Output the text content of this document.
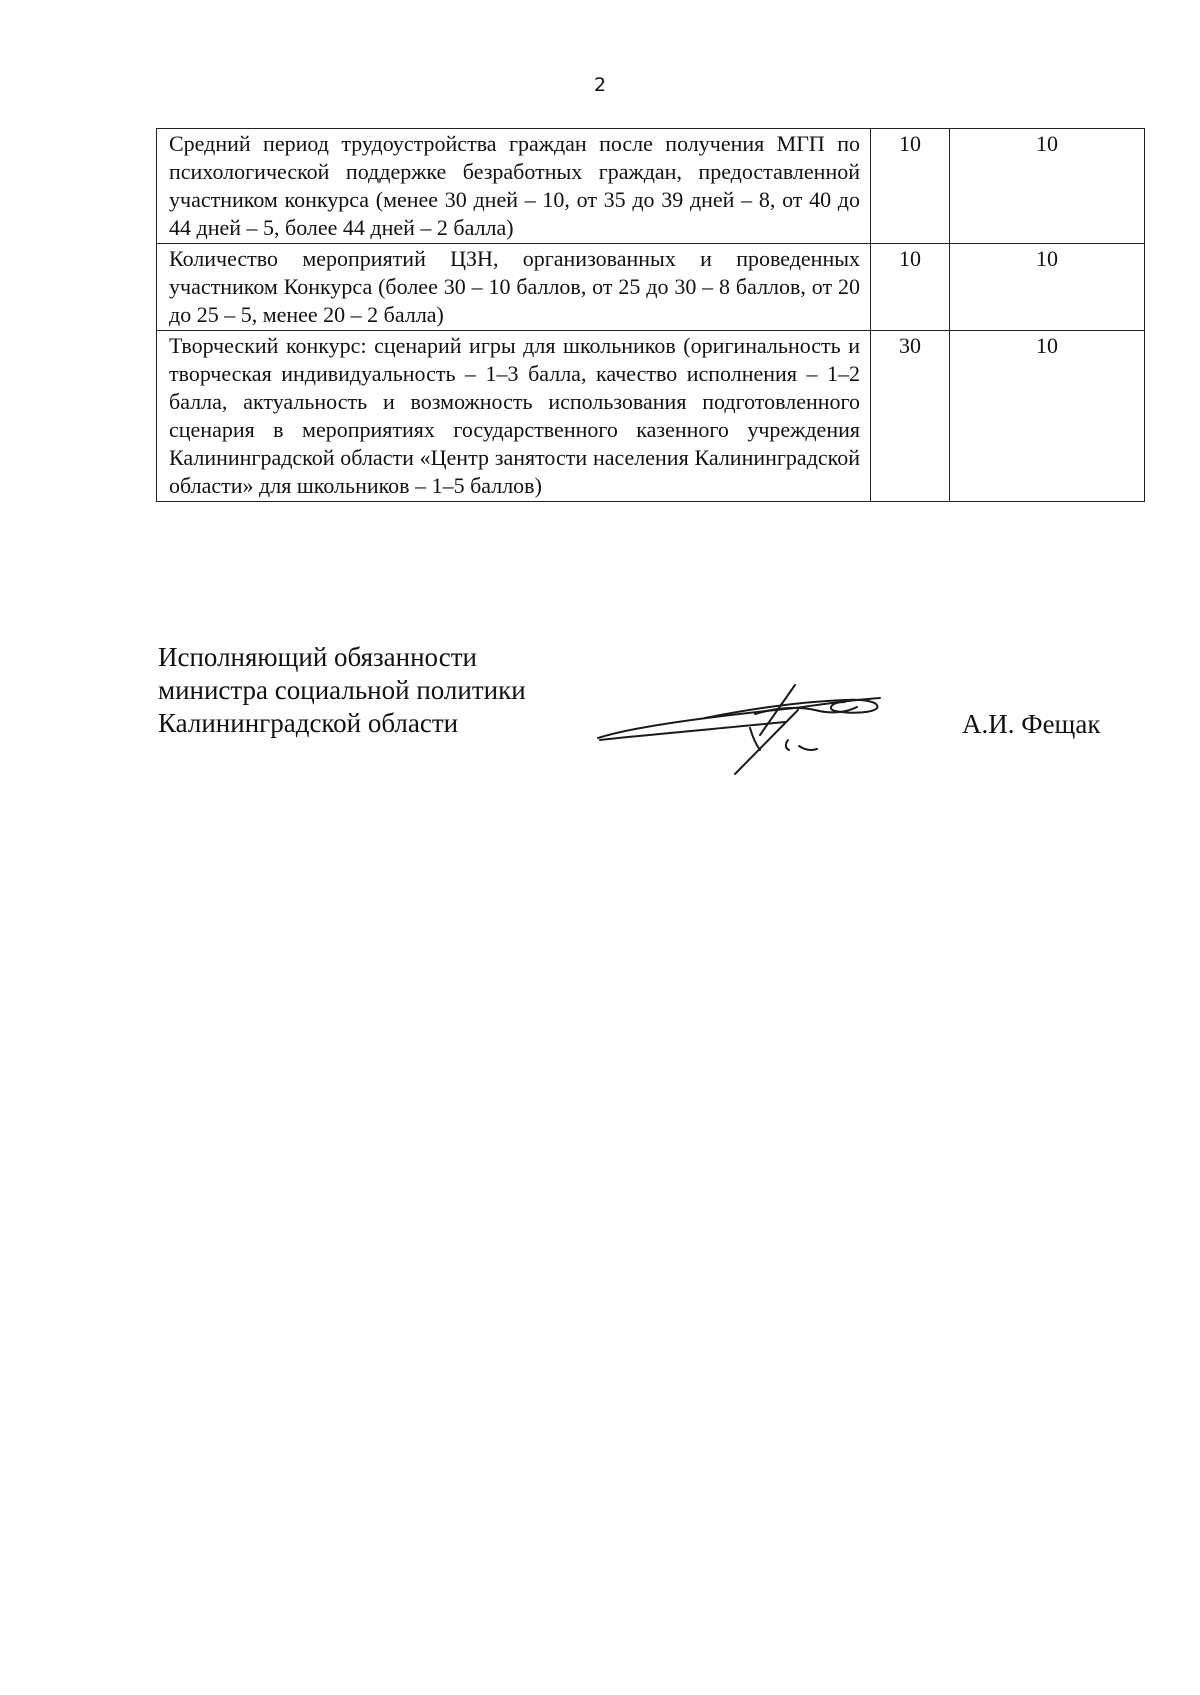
2
Средний период трудоустройства граждан после получения МГП по психологической поддержке безработных граждан, предоставленной участником конкурса (менее 30 дней – 10, от 35 до 39 дней – 8, от 40 до 44 дней – 5, более 44 дней – 2 балла)	10	10
Количество мероприятий ЦЗН, организованных и проведенных участником Конкурса (более 30 – 10 баллов, от 25 до 30 – 8 баллов, от 20 до 25 – 5, менее 20 – 2 балла)	10	10
Творческий конкурс: сценарий игры для школьников (оригинальность и творческая индивидуальность – 1–3 балла, качество исполнения – 1–2 балла, актуальность и возможность использования подготовленного сценария в мероприятиях государственного казенного учреждения Калининградской области «Центр занятости населения Калининградской области» для школьников – 1–5 баллов)	30	10
Исполняющий обязанности
министра социальной политики
Калининградской области	А.И. Фещак
